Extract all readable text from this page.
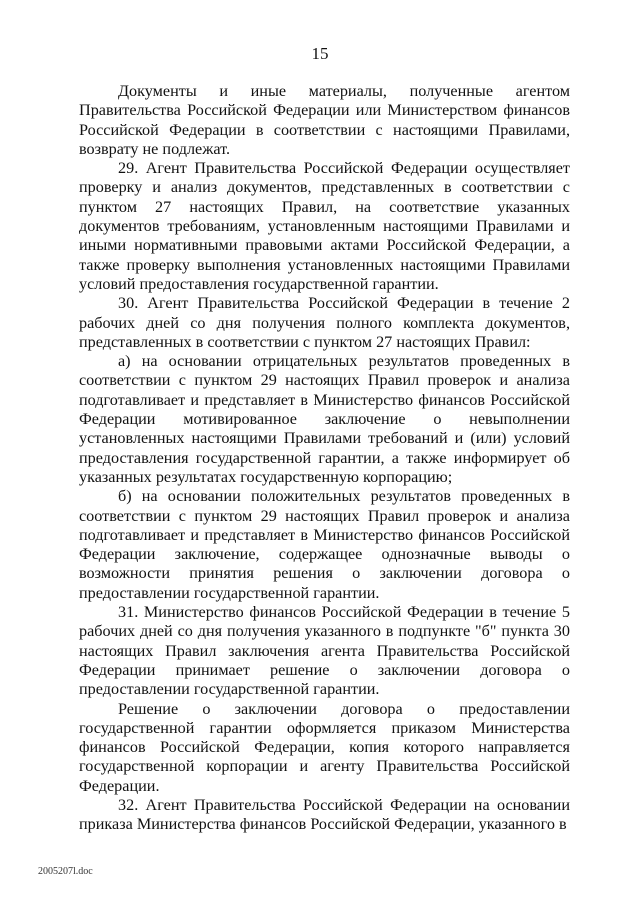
15

Документы и иные материалы, полученные агентом Правительства Российской Федерации или Министерством финансов Российской Федерации в соответствии с настоящими Правилами, возврату не подлежат.

29. Агент Правительства Российской Федерации осуществляет проверку и анализ документов, представленных в соответствии с пунктом 27 настоящих Правил, на соответствие указанных документов требованиям, установленным настоящими Правилами и иными нормативными правовыми актами Российской Федерации, а также проверку выполнения установленных настоящими Правилами условий предоставления государственной гарантии.

30. Агент Правительства Российской Федерации в течение 2 рабочих дней со дня получения полного комплекта документов, представленных в соответствии с пунктом 27 настоящих Правил:

а) на основании отрицательных результатов проведенных в соответствии с пунктом 29 настоящих Правил проверок и анализа подготавливает и представляет в Министерство финансов Российской Федерации мотивированное заключение о невыполнении установленных настоящими Правилами требований и (или) условий предоставления государственной гарантии, а также информирует об указанных результатах государственную корпорацию;

б) на основании положительных результатов проведенных в соответствии с пунктом 29 настоящих Правил проверок и анализа подготавливает и представляет в Министерство финансов Российской Федерации заключение, содержащее однозначные выводы о возможности принятия решения о заключении договора о предоставлении государственной гарантии.

31. Министерство финансов Российской Федерации в течение 5 рабочих дней со дня получения указанного в подпункте "б" пункта 30 настоящих Правил заключения агента Правительства Российской Федерации принимает решение о заключении договора о предоставлении государственной гарантии.

Решение о заключении договора о предоставлении государственной гарантии оформляется приказом Министерства финансов Российской Федерации, копия которого направляется государственной корпорации и агенту Правительства Российской Федерации.

32. Агент Правительства Российской Федерации на основании приказа Министерства финансов Российской Федерации, указанного в

2005207l.doc
